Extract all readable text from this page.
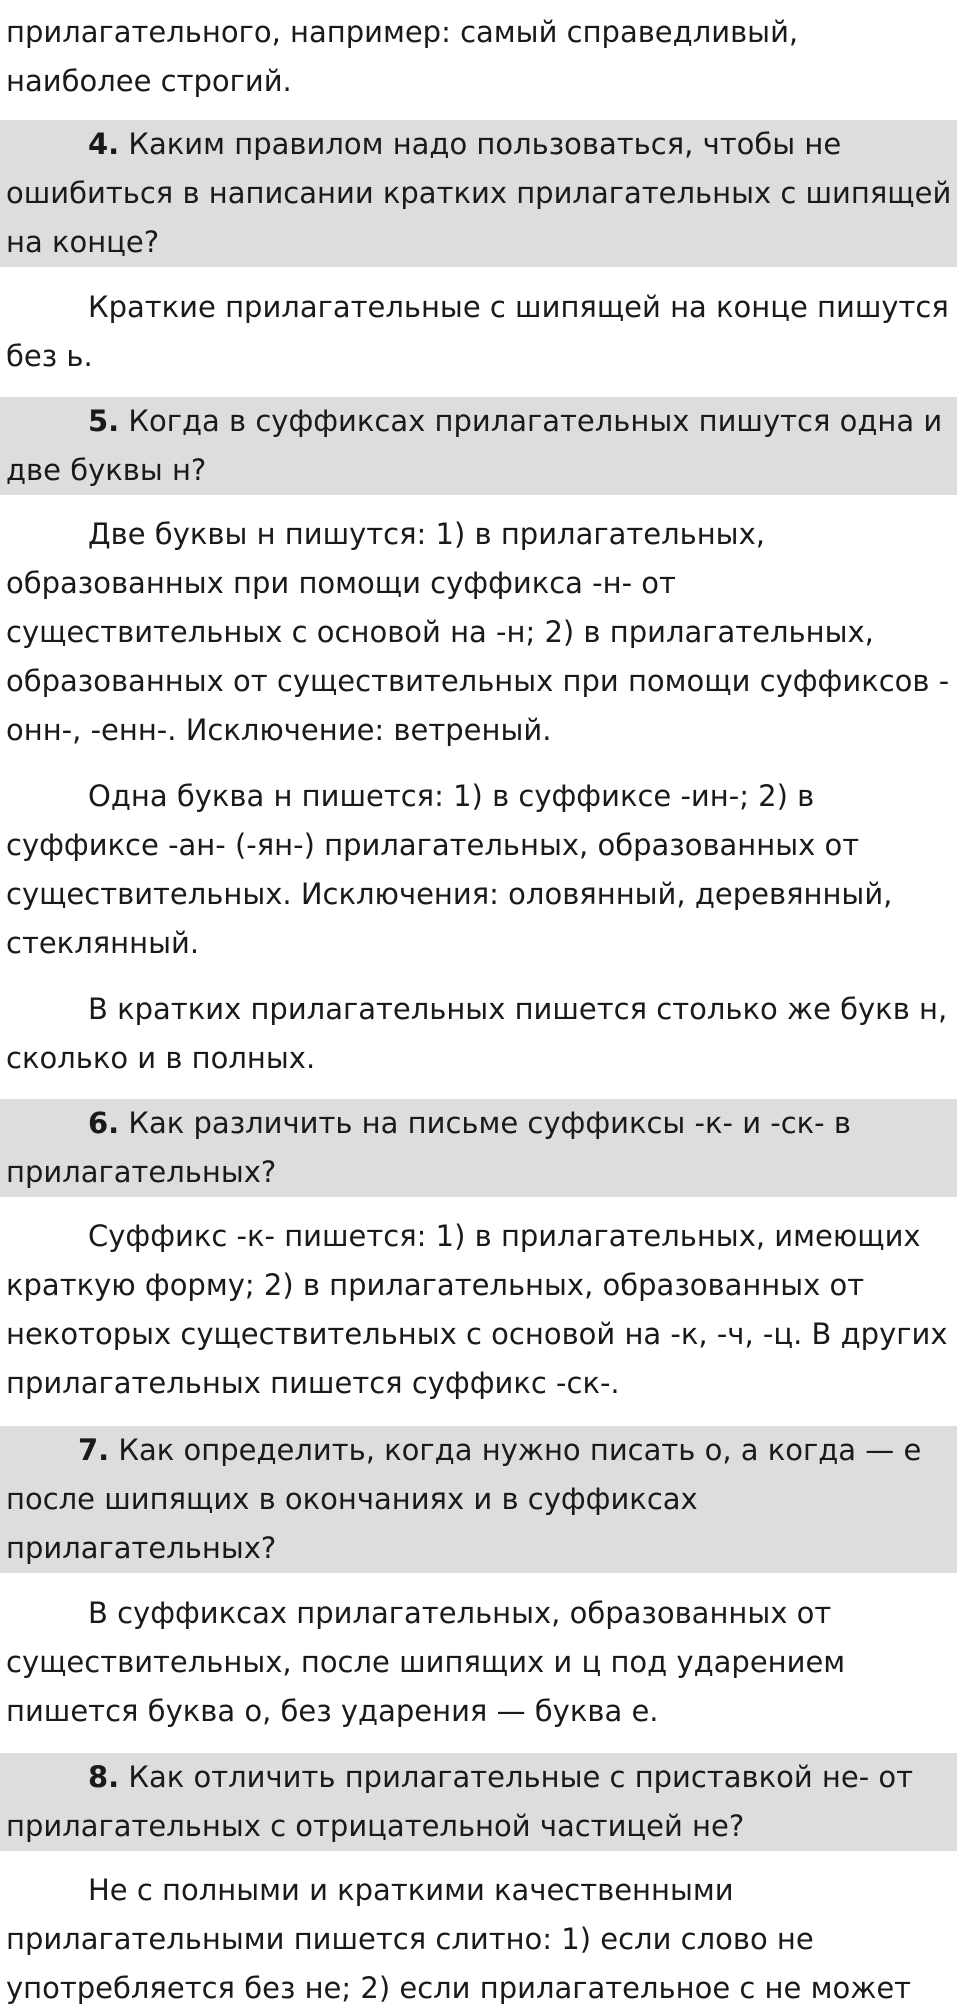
прилагательного, например: самый справедливый,
наиболее строгий.
4. Каким правилом надо пользоваться, чтобы не
ошибиться в написании кратких прилагательных с шипящей
на конце?
Краткие прилагательные с шипящей на конце пишутся
без ь.
5. Когда в суффиксах прилагательных пишутся одна и
две буквы н?
Две буквы н пишутся: 1) в прилагательных,
образованных при помощи суффикса -н- от
существительных с основой на -н; 2) в прилагательных,
образованных от существительных при помощи суффиксов -
онн-, -енн-. Исключение: ветреный.
Одна буква н пишется: 1) в суффиксе -ин-; 2) в
суффиксе -ан- (-ян-) прилагательных, образованных от
существительных. Исключения: оловянный, деревянный,
стеклянный.
В кратких прилагательных пишется столько же букв н,
сколько и в полных.
6. Как различить на письме суффиксы -к- и -ск- в
прилагательных?
Суффикс -к- пишется: 1) в прилагательных, имеющих
краткую форму; 2) в прилагательных, образованных от
некоторых существительных с основой на -к, -ч, -ц. В других
прилагательных пишется суффикс -ск-.
7. Как определить, когда нужно писать о, а когда — е
после шипящих в окончаниях и в суффиксах
прилагательных?
В суффиксах прилагательных, образованных от
существительных, после шипящих и ц под ударением
пишется буква о, без ударения — буква е.
8. Как отличить прилагательные с приставкой не- от
прилагательных с отрицательной частицей не?
Не с полными и краткими качественными
прилагательными пишется слитно: 1) если слово не
употребляется без не; 2) если прилагательное с не может
